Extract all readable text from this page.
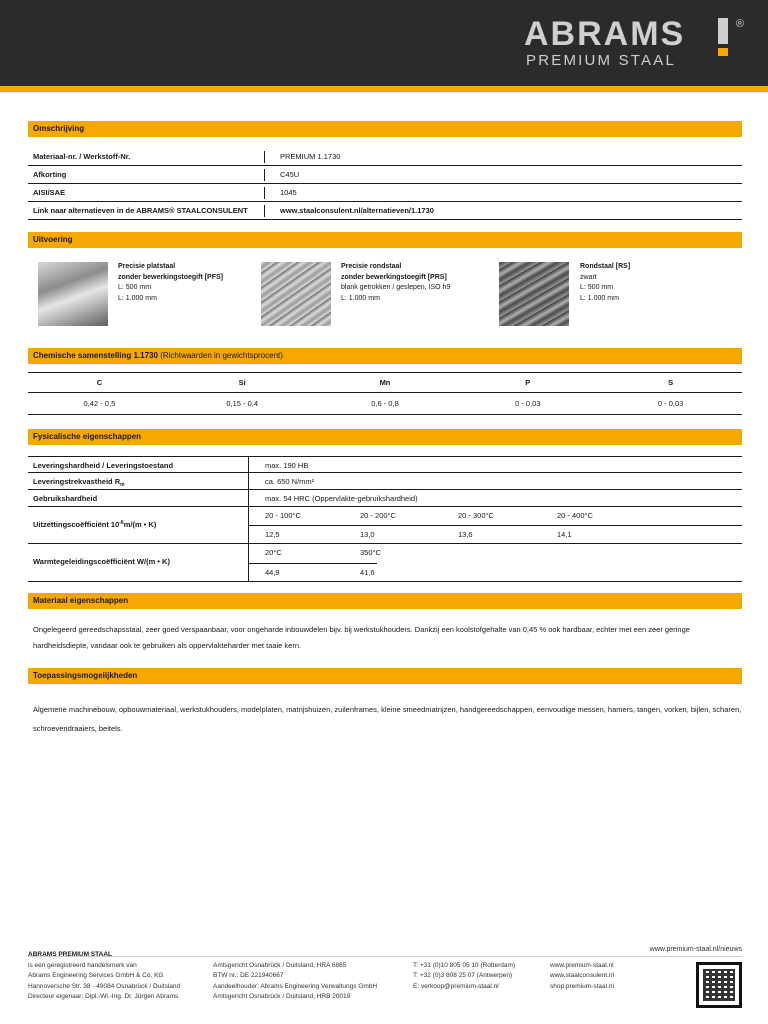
ABRAMS	®
PREMIUM STAAL
Omschrijving
Materiaal-nr. / Werkstoff-Nr.	PREMIUM 1.1730
Afkorting	C45U
AISI/SAE	1045
Link naar alternatieven in de ABRAMS® STAALCONSULENT	www.staalconsulent.nl/alternatieven/1.1730
Uitvoering
Precisie platstaal
zonder bewerkingstoegift [PFS]
L: 500 mm
L: 1.000 mm
Precisie rondstaal
zonder bewerkingstoegift [PRS]
blank getrokken / geslepen, ISO h9
L: 1.000 mm
Rondstaal [RS]
zwart
L: 500 mm
L: 1.000 mm
Chemische samenstelling 1.1730 (Richtwaarden in gewichtsprocent)
C	Si	Mn	P	S
0,42 - 0,5	0,15 - 0,4	0,6 - 0,8	0 - 0,03	0 - 0,03
Fysicalische eigenschappen
Leveringshardheid / Leveringstoestand	max. 190 HB
Leveringstrekvastheid $R_m$	ca. 650 N/mm²
Gebruikshardheid	max. 54 HRC (Oppervlakte-gebruikshardheid)
Uitzettingscoëfficiënt $10^{-6}m/(m$ • K)
20 - 100°C	20 - 200°C	20 - 300°C	20 - 400°C
12,5	13,0	13,6	14,1
Warmtegeleidingscoëfficiënt W/(m • K)
20°C	350°C
44,9	41,6
Materiaal eigenschappen
Ongelegeerd gereedschapsstaal, zeer goed verspaanbaar, voor ongeharde inbouwdelen bijv. bij werkstukhouders. Dankzij een koolstofgehalte van 0,45 % ook hardbaar, echter met een zeer geringe hardheidsdiepte, vandaar ook te gebruiken als oppervlakteharder met taaie kern.
Toepassingsmogelijkheden
Algemene machinebouw, opbouwmateriaal, werkstukhouders, modelplaten, matrijshuizen, zuilenframes, kleine smeedmatrijzen, handgereedschappen, eenvoudige messen, hamers, tangen, vorken, bijlen, scharen, schroevendraaiers, beitels.
www.premium-staal.nl/nieuws
ABRAMS PREMIUM STAAL
is een geregistreerd handelsmerk van
Abrams Engineering Services GmbH & Co. KG
Hannoversche Str. 38 · 49084 Osnabrück / Duitsland
Directeur eigenaar: Dipl.-Wi.-Ing. Dr. Jürgen Abrams
Amtsgericht Osnabrück / Duitsland, HRA 6865
BTW nr.: DE 221940667
Aandeelhouder: Abrams Engineering Verwaltungs GmbH
Amtsgericht Osnabrück / Duitsland, HRB 20019
T: +31 (0)10 805 05 10 (Rotterdam)
T: +32 (0)3 808 25 07 (Antwerpen)
E: verkoop@premium-staal.nl
www.premium-staal.nl
www.staalconsulent.nl
shop.premium-staal.nl
